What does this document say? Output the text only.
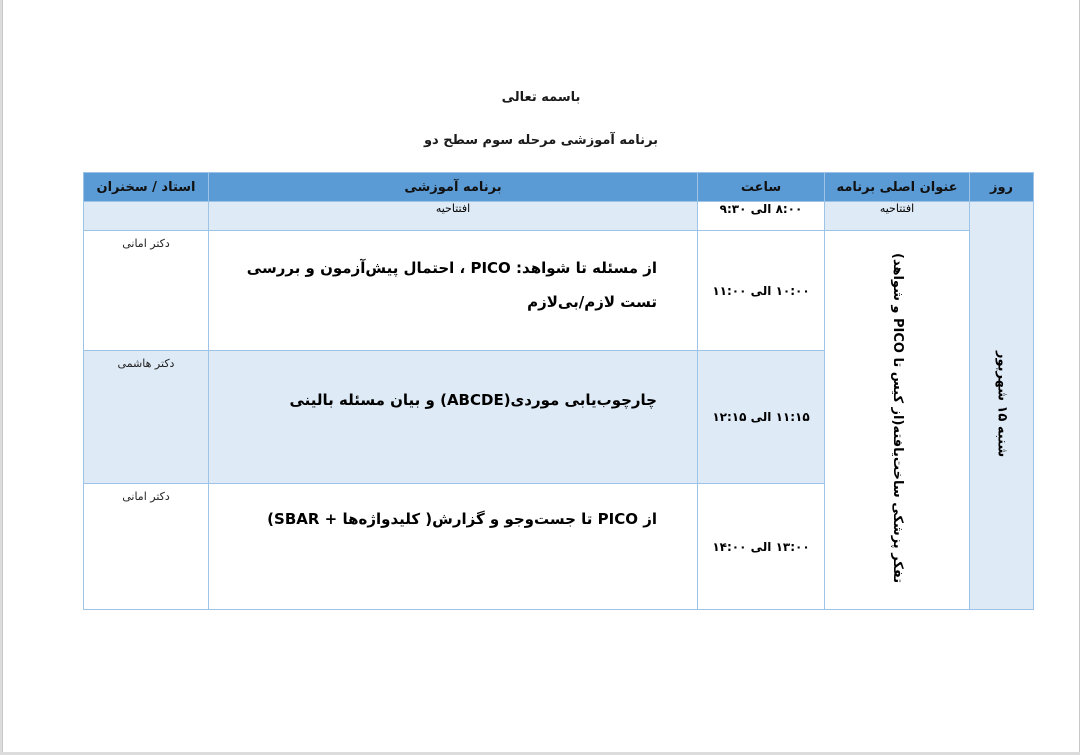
باسمه تعالی
برنامه آموزشی مرحله سوم سطح دو
روز	عنوان اصلی برنامه	ساعت	برنامه آموزشی	استاد / سخنران
شنبه ۱۵ شهریور	افتتاحیه	۸:۰۰ الی ۹:۳۰	افتتاحیه	
	تفکر پزشکی ساخت‌یافته(از کیس تا PICO و شواهد)	۱۰:۰۰ الی ۱۱:۰۰	از مسئله تا شواهد: PICO ، احتمال پیش‌آزمون و بررسی تست لازم/بی‌لازم	دکتر امانی
		۱۱:۱۵ الی ۱۲:۱۵	چارچوب‌یابی موردی(ABCDE) و بیان مسئله بالینی	دکتر هاشمی
		۱۳:۰۰ الی ۱۴:۰۰	از PICO تا جست‌وجو و گزارش( کلیدواژه‌ها + SBAR)	دکتر امانی
